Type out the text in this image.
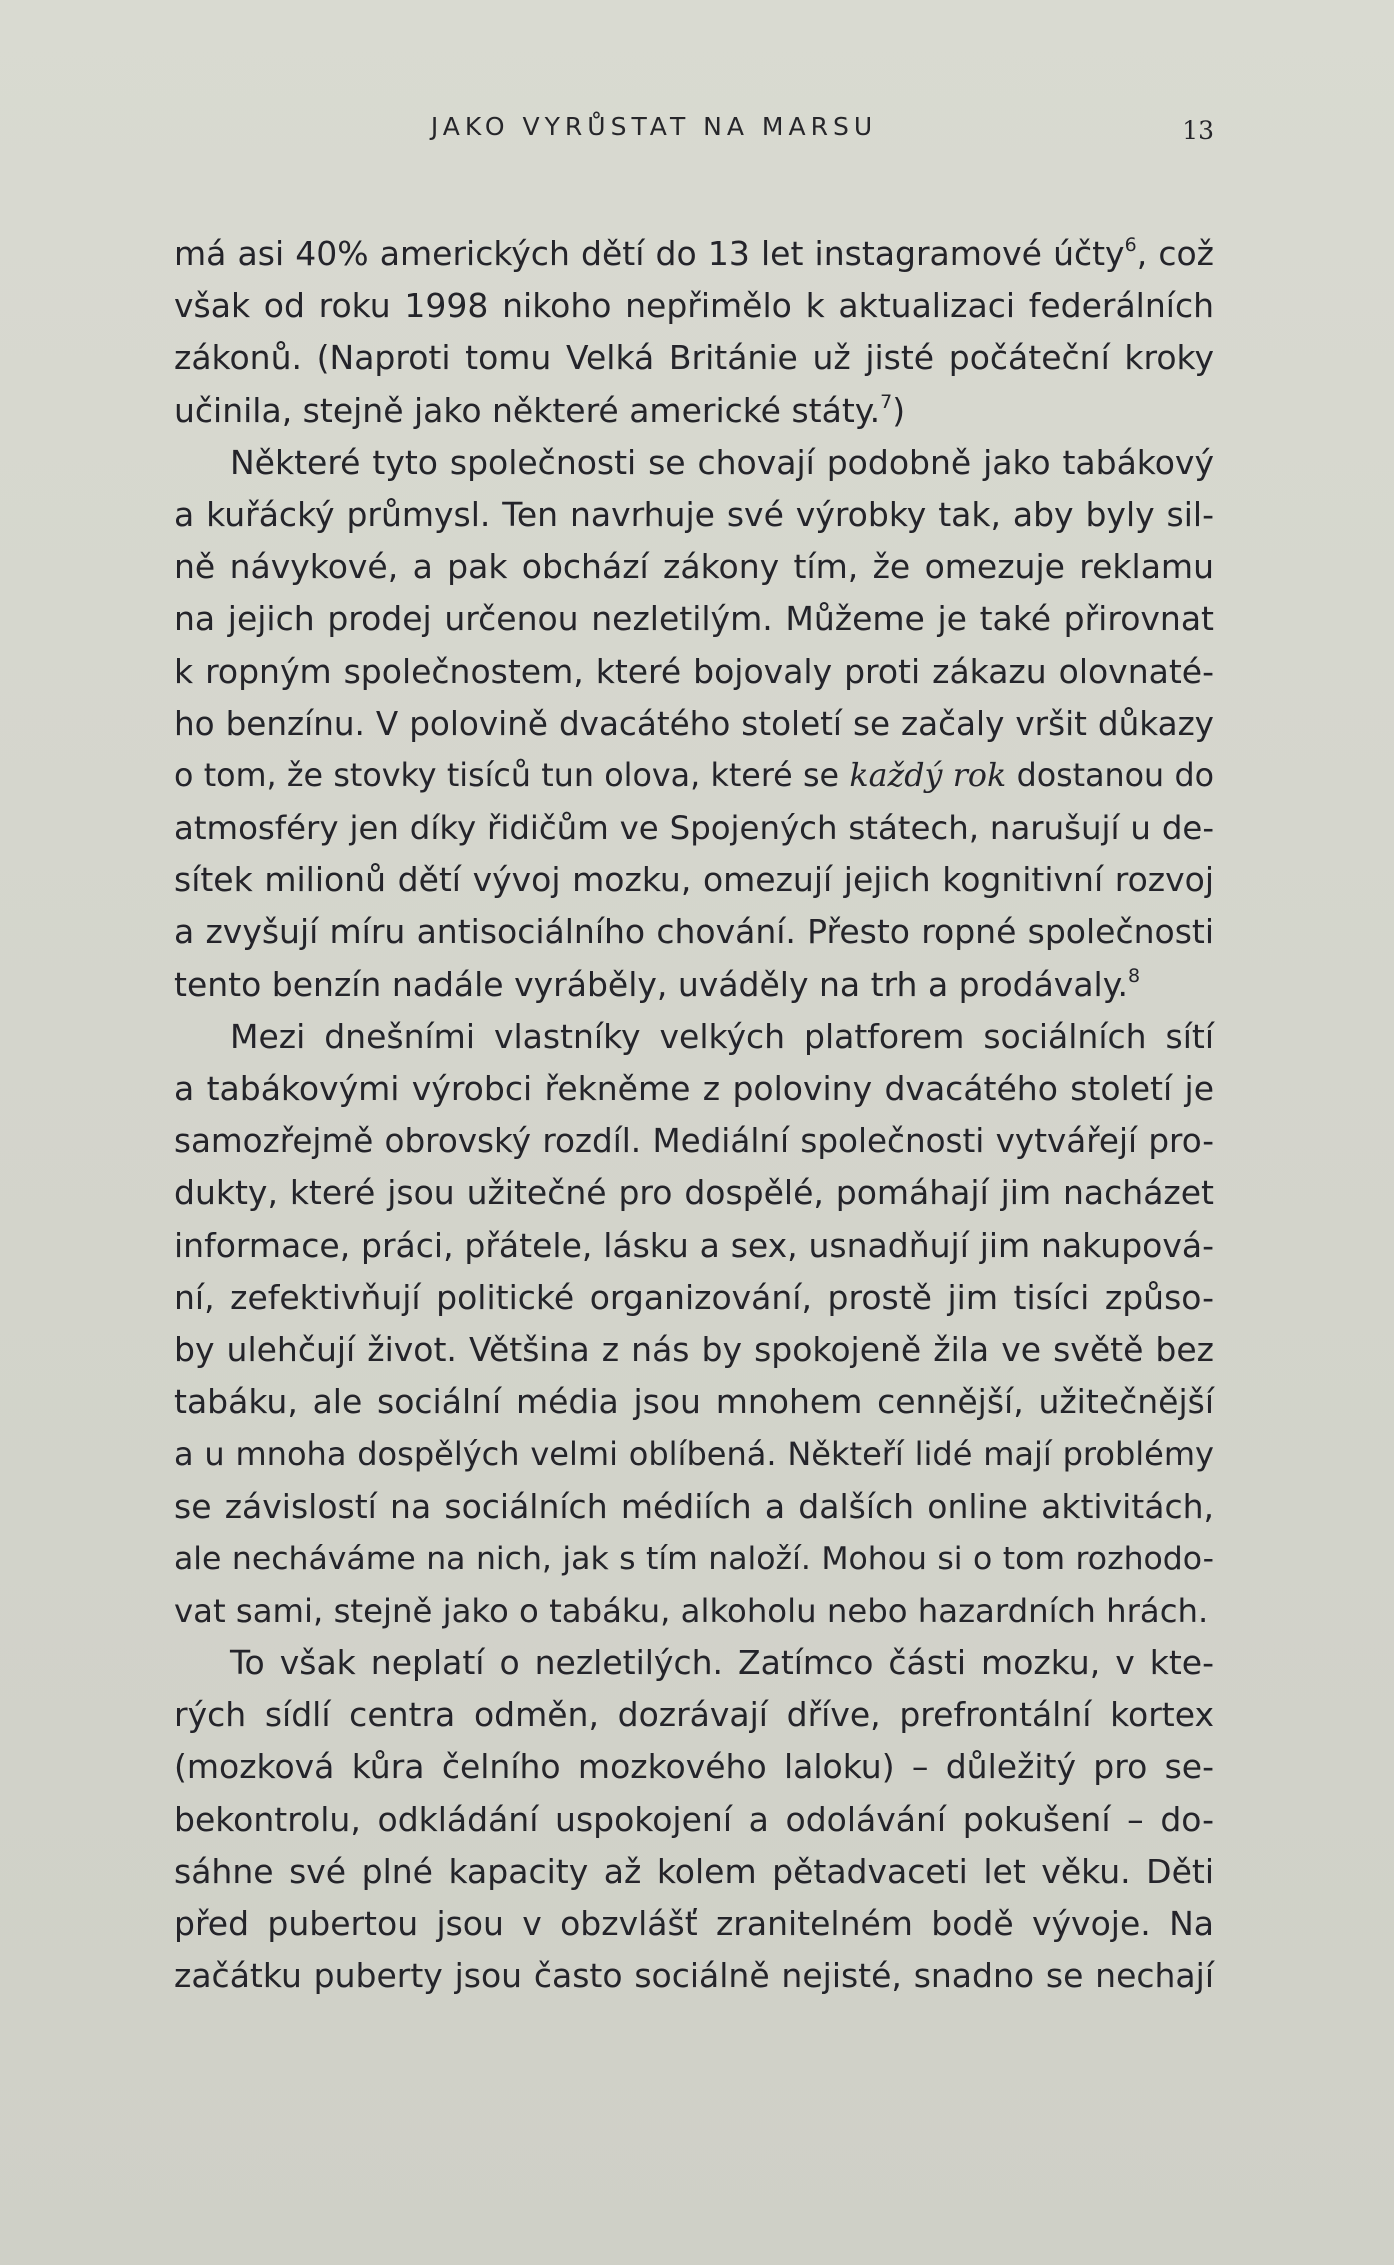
JAKO VYRŮSTAT NA MARSU	13
má asi 40% amerických dětí do 13 let instagramové účty$^6$, což
však od roku 1998 nikoho nepřimělo k aktualizaci federálních
zákonů. (Naproti tomu Velká Británie už jisté počáteční kroky
učinila, stejně jako některé americké státy.$^7$)
Některé tyto společnosti se chovají podobně jako tabákový
a kuřácký průmysl. Ten navrhuje své výrobky tak, aby byly sil-
ně návykové, a pak obchází zákony tím, že omezuje reklamu
na jejich prodej určenou nezletilým. Můžeme je také přirovnat
k ropným společnostem, které bojovaly proti zákazu olovnaté-
ho benzínu. V polovině dvacátého století se začaly vršit důkazy
o tom, že stovky tisíců tun olova, které se každý rok dostanou do
atmosféry jen díky řidičům ve Spojených státech, narušují u de-
sítek milionů dětí vývoj mozku, omezují jejich kognitivní rozvoj
a zvyšují míru antisociálního chování. Přesto ropné společnosti
tento benzín nadále vyráběly, uváděly na trh a prodávaly.$^8$
Mezi dnešními vlastníky velkých platforem sociálních sítí
a tabákovými výrobci řekněme z poloviny dvacátého století je
samozřejmě obrovský rozdíl. Mediální společnosti vytvářejí pro-
dukty, které jsou užitečné pro dospělé, pomáhají jim nacházet
informace, práci, přátele, lásku a sex, usnadňují jim nakupová-
ní, zefektivňují politické organizování, prostě jim tisíci způso-
by ulehčují život. Většina z nás by spokojeně žila ve světě bez
tabáku, ale sociální média jsou mnohem cennější, užitečnější
a u mnoha dospělých velmi oblíbená. Někteří lidé mají problémy
se závislostí na sociálních médiích a dalších online aktivitách,
ale necháváme na nich, jak s tím naloží. Mohou si o tom rozhodo-
vat sami, stejně jako o tabáku, alkoholu nebo hazardních hrách.
To však neplatí o nezletilých. Zatímco části mozku, v kte-
rých sídlí centra odměn, dozrávají dříve, prefrontální kortex
(mozková kůra čelního mozkového laloku) – důležitý pro se-
bekontrolu, odkládání uspokojení a odolávání pokušení – do-
sáhne své plné kapacity až kolem pětadvaceti let věku. Děti
před pubertou jsou v obzvlášť zranitelném bodě vývoje. Na
začátku puberty jsou často sociálně nejisté, snadno se nechají
